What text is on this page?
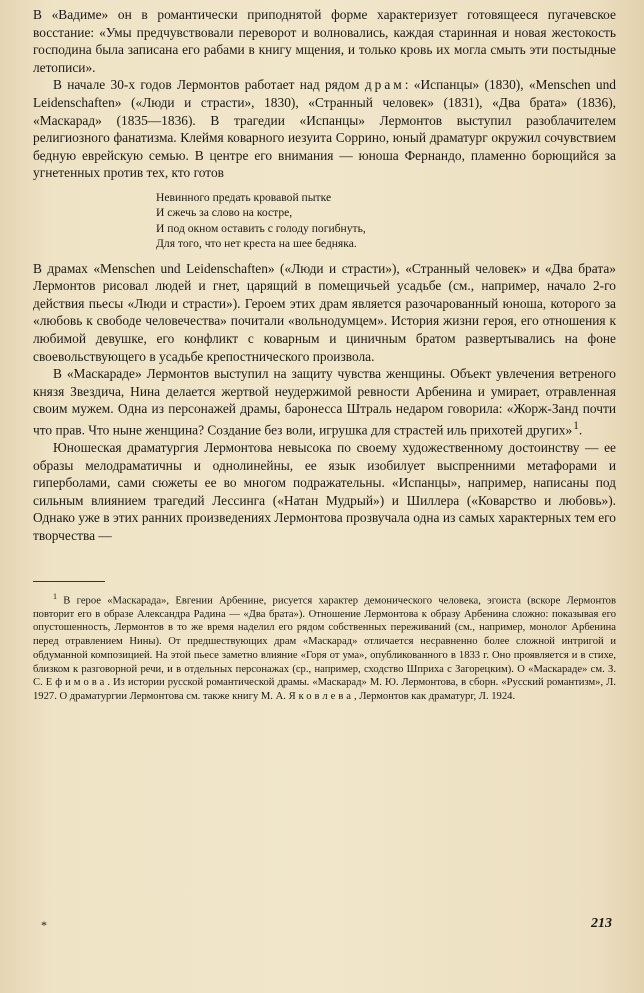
В «Вадиме» он в романтически приподнятой форме характеризует готовящееся пугачевское восстание: «Умы предчувствовали переворот и волновались, каждая старинная и новая жестокость господина была записана его рабами в книгу мщения, и только кровь их могла смыть эти постыдные летописи».

В начале 30-х годов Лермонтов работает над рядом драм: «Испанцы» (1830), «Menschen und Leidenschaften» («Люди и страсти», 1830), «Странный человек» (1831), «Два брата» (1836), «Маскарад» (1835—1836). В трагедии «Испанцы» Лермонтов выступил разоблачителем религиозного фанатизма. Клеймя коварного иезуита Соррино, юный драматург окружил сочувствием бедную еврейскую семью. В центре его внимания — юноша Фернандо, пламенно борющийся за угнетенных против тех, кто готов

Невинного предать кровавой пытке
И сжечь за слово на костре,
И под окном оставить с голоду погибнуть,
Для того, что нет креста на шее бедняка.

В драмах «Menschen und Leidenschaften» («Люди и страсти»), «Странный человек» и «Два брата» Лермонтов рисовал людей и гнет, царящий в помещичьей усадьбе (см., например, начало 2-го действия пьесы «Люди и страсти»). Героем этих драм является разочарованный юноша, которого за «любовь к свободе человечества» почитали «вольнодумцем». История жизни героя, его отношения к любимой девушке, его конфликт с коварным и циничным братом развертывались на фоне своевольствующего в усадьбе крепостнического произвола.

В «Маскараде» Лермонтов выступил на защиту чувства женщины. Объект увлечения ветреного князя Звездича, Нина делается жертвой неудержимой ревности Арбенина и умирает, отравленная своим мужем. Одна из персонажей драмы, баронесса Штраль недаром говорила: «Жорж-Занд почти что прав. Что ныне женщина? Создание без воли, игрушка для страстей иль прихотей других» $^1$.

Юношеская драматургия Лермонтова невысока по своему художественному достоинству — ее образы мелодраматичны и однолинейны, ее язык изобилует выспренними метафорами и гиперболами, сами сюжеты ее во многом подражательны. «Испанцы», например, написаны под сильным влиянием трагедий Лессинга («Натан Мудрый») и Шиллера («Коварство и любовь»). Однако уже в этих ранних произведениях Лермонтова прозвучала одна из самых характерных тем его творчества —

$^1$ В герое «Маскарада», Евгении Арбенине, рисуется характер демонического человека, эгоиста (вскоре Лермонтов повторит его в образе Александра Радина — «Два брата»). Отношение Лермонтова к образу Арбенина сложно: показывая его опустошенность, Лермонтов в то же время наделил его рядом собственных переживаний (см., например, монолог Арбенина перед отравлением Нины). От предшествующих драм «Маскарад» отличается несравненно более сложной интригой и обдуманной композицией. На этой пьесе заметно влияние «Горя от ума», опубликованного в 1833 г. Оно проявляется и в стихе, близком к разговорной речи, и в отдельных персонажах (ср., например, сходство Шприха с Загорецким). О «Маскараде» см. З. С. Ефимова. Из истории русской романтической драмы. «Маскарад» М. Ю. Лермонтова, в сборн. «Русский романтизм», Л. 1927. О драматургии Лермонтова см. также книгу М. А. Яковлева, Лермонтов как драматург, Л. 1924.

*	213
